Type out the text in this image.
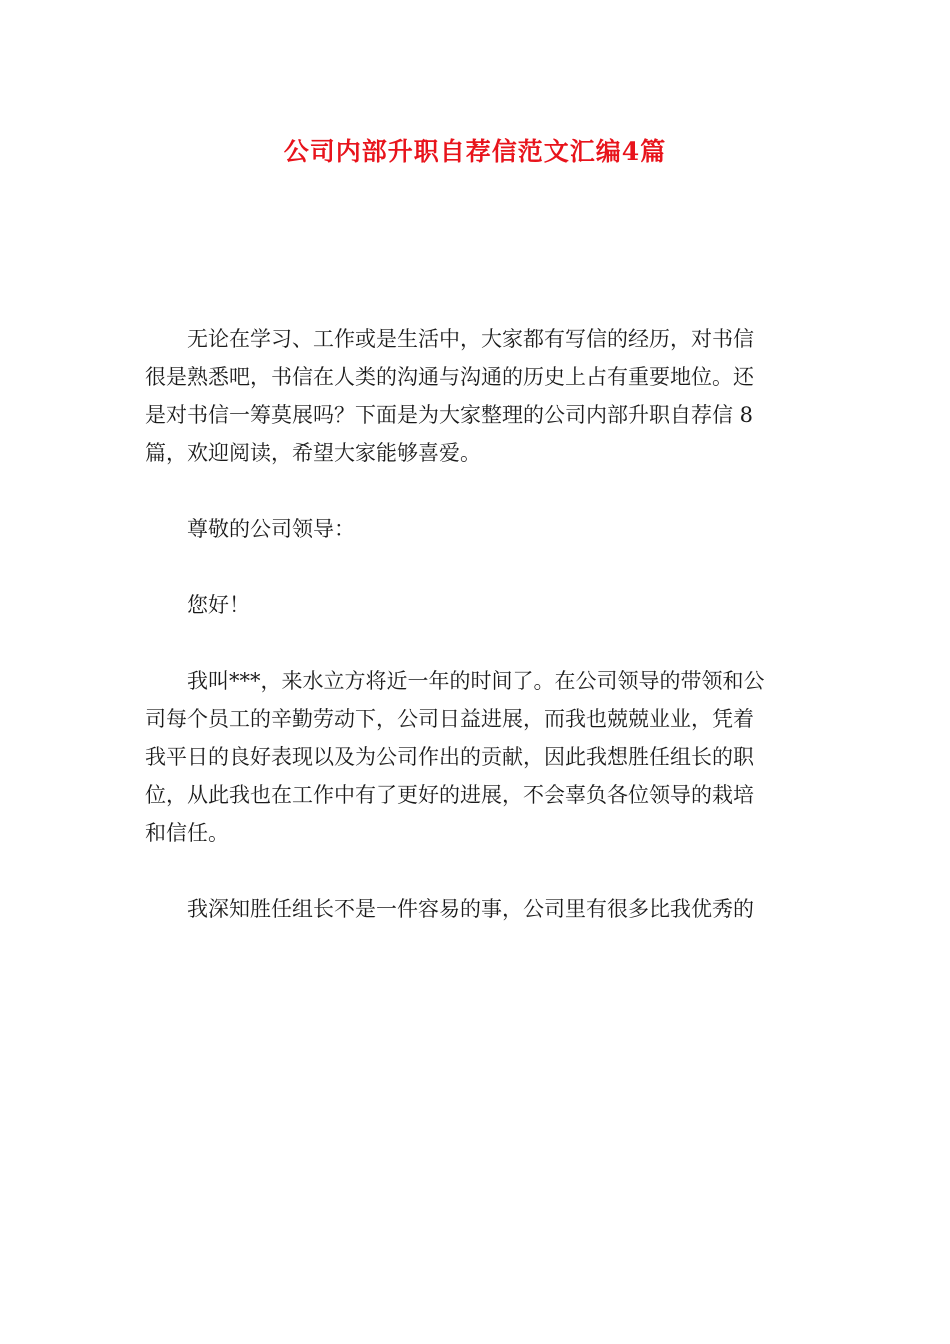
公司内部升职自荐信范文汇编4篇

无论在学习、工作或是生活中，大家都有写信的经历，对书信
很是熟悉吧，书信在人类的沟通与沟通的历史上占有重要地位。还
是对书信一筹莫展吗？下面是为大家整理的公司内部升职自荐信 8
篇，欢迎阅读，希望大家能够喜爱。

尊敬的公司领导：

您好！

我叫***，来水立方将近一年的时间了。在公司领导的带领和公
司每个员工的辛勤劳动下，公司日益进展，而我也兢兢业业，凭着
我平日的良好表现以及为公司作出的贡献，因此我想胜任组长的职
位，从此我也在工作中有了更好的进展，不会辜负各位领导的栽培
和信任。

我深知胜任组长不是一件容易的事，公司里有很多比我优秀的
